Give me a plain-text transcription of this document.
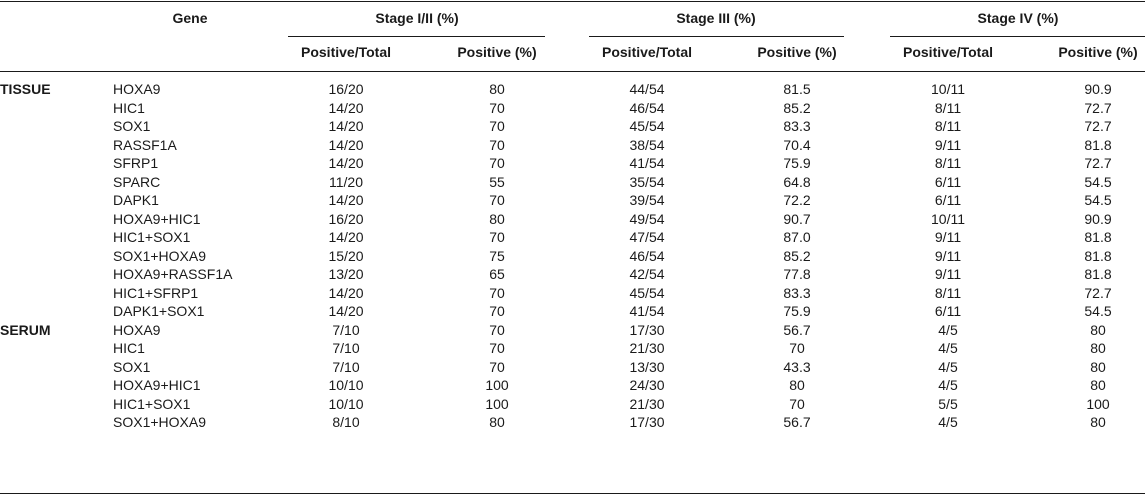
Gene	Stage I/II (%)	Stage III (%)	Stage IV (%)
Positive/Total	Positive (%)	Positive/Total	Positive (%)	Positive/Total	Positive (%)
TISSUE	HOXA9	16/20	80	44/54	81.5	10/11	90.9
HIC1	14/20	70	46/54	85.2	8/11	72.7
SOX1	14/20	70	45/54	83.3	8/11	72.7
RASSF1A	14/20	70	38/54	70.4	9/11	81.8
SFRP1	14/20	70	41/54	75.9	8/11	72.7
SPARC	11/20	55	35/54	64.8	6/11	54.5
DAPK1	14/20	70	39/54	72.2	6/11	54.5
HOXA9+HIC1	16/20	80	49/54	90.7	10/11	90.9
HIC1+SOX1	14/20	70	47/54	87.0	9/11	81.8
SOX1+HOXA9	15/20	75	46/54	85.2	9/11	81.8
HOXA9+RASSF1A	13/20	65	42/54	77.8	9/11	81.8
HIC1+SFRP1	14/20	70	45/54	83.3	8/11	72.7
DAPK1+SOX1	14/20	70	41/54	75.9	6/11	54.5
SERUM	HOXA9	7/10	70	17/30	56.7	4/5	80
HIC1	7/10	70	21/30	70	4/5	80
SOX1	7/10	70	13/30	43.3	4/5	80
HOXA9+HIC1	10/10	100	24/30	80	4/5	80
HIC1+SOX1	10/10	100	21/30	70	5/5	100
SOX1+HOXA9	8/10	80	17/30	56.7	4/5	80
